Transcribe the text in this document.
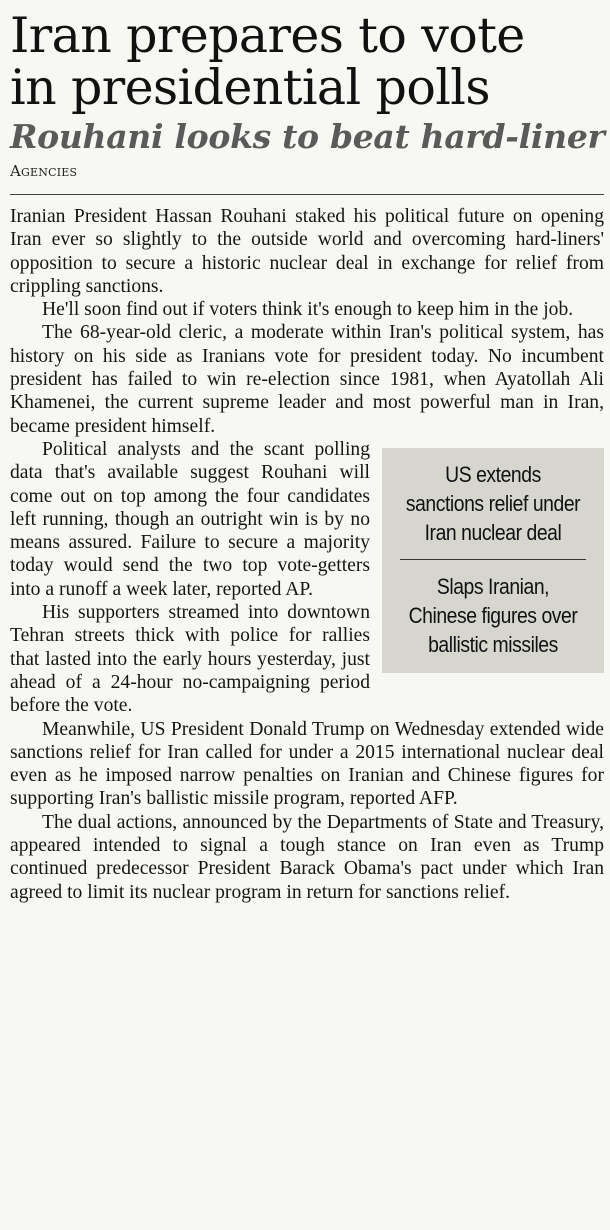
Iran prepares to vote
in presidential polls
Rouhani looks to beat hard-liner
Agencies

Iranian President Hassan Rouhani staked his political future on opening Iran ever so slightly to the outside world and overcoming hard-liners' opposition to secure a historic nuclear deal in exchange for relief from crippling sanctions.

He'll soon find out if voters think it's enough to keep him in the job.

The 68-year-old cleric, a moderate within Iran's political system, has history on his side as Iranians vote for president today. No incumbent president has failed to win re-election since 1981, when Ayatollah Ali Khamenei, the current supreme leader and most powerful man in Iran, became president himself.

US extends
sanctions relief under
Iran nuclear deal
Slaps Iranian,
Chinese figures over
ballistic missiles

Political analysts and the scant polling data that's available suggest Rouhani will come out on top among the four candidates left running, though an outright win is by no means assured. Failure to secure a majority today would send the two top vote-getters into a runoff a week later, reported AP.

His supporters streamed into downtown Tehran streets thick with police for rallies that lasted into the early hours yesterday, just ahead of a 24-hour no-campaigning period before the vote.

Meanwhile, US President Donald Trump on Wednesday extended wide sanctions relief for Iran called for under a 2015 international nuclear deal even as he imposed narrow penalties on Iranian and Chinese figures for supporting Iran's ballistic missile program, reported AFP.

The dual actions, announced by the Departments of State and Treasury, appeared intended to signal a tough stance on Iran even as Trump continued predecessor President Barack Obama's pact under which Iran agreed to limit its nuclear program in return for sanctions relief.
